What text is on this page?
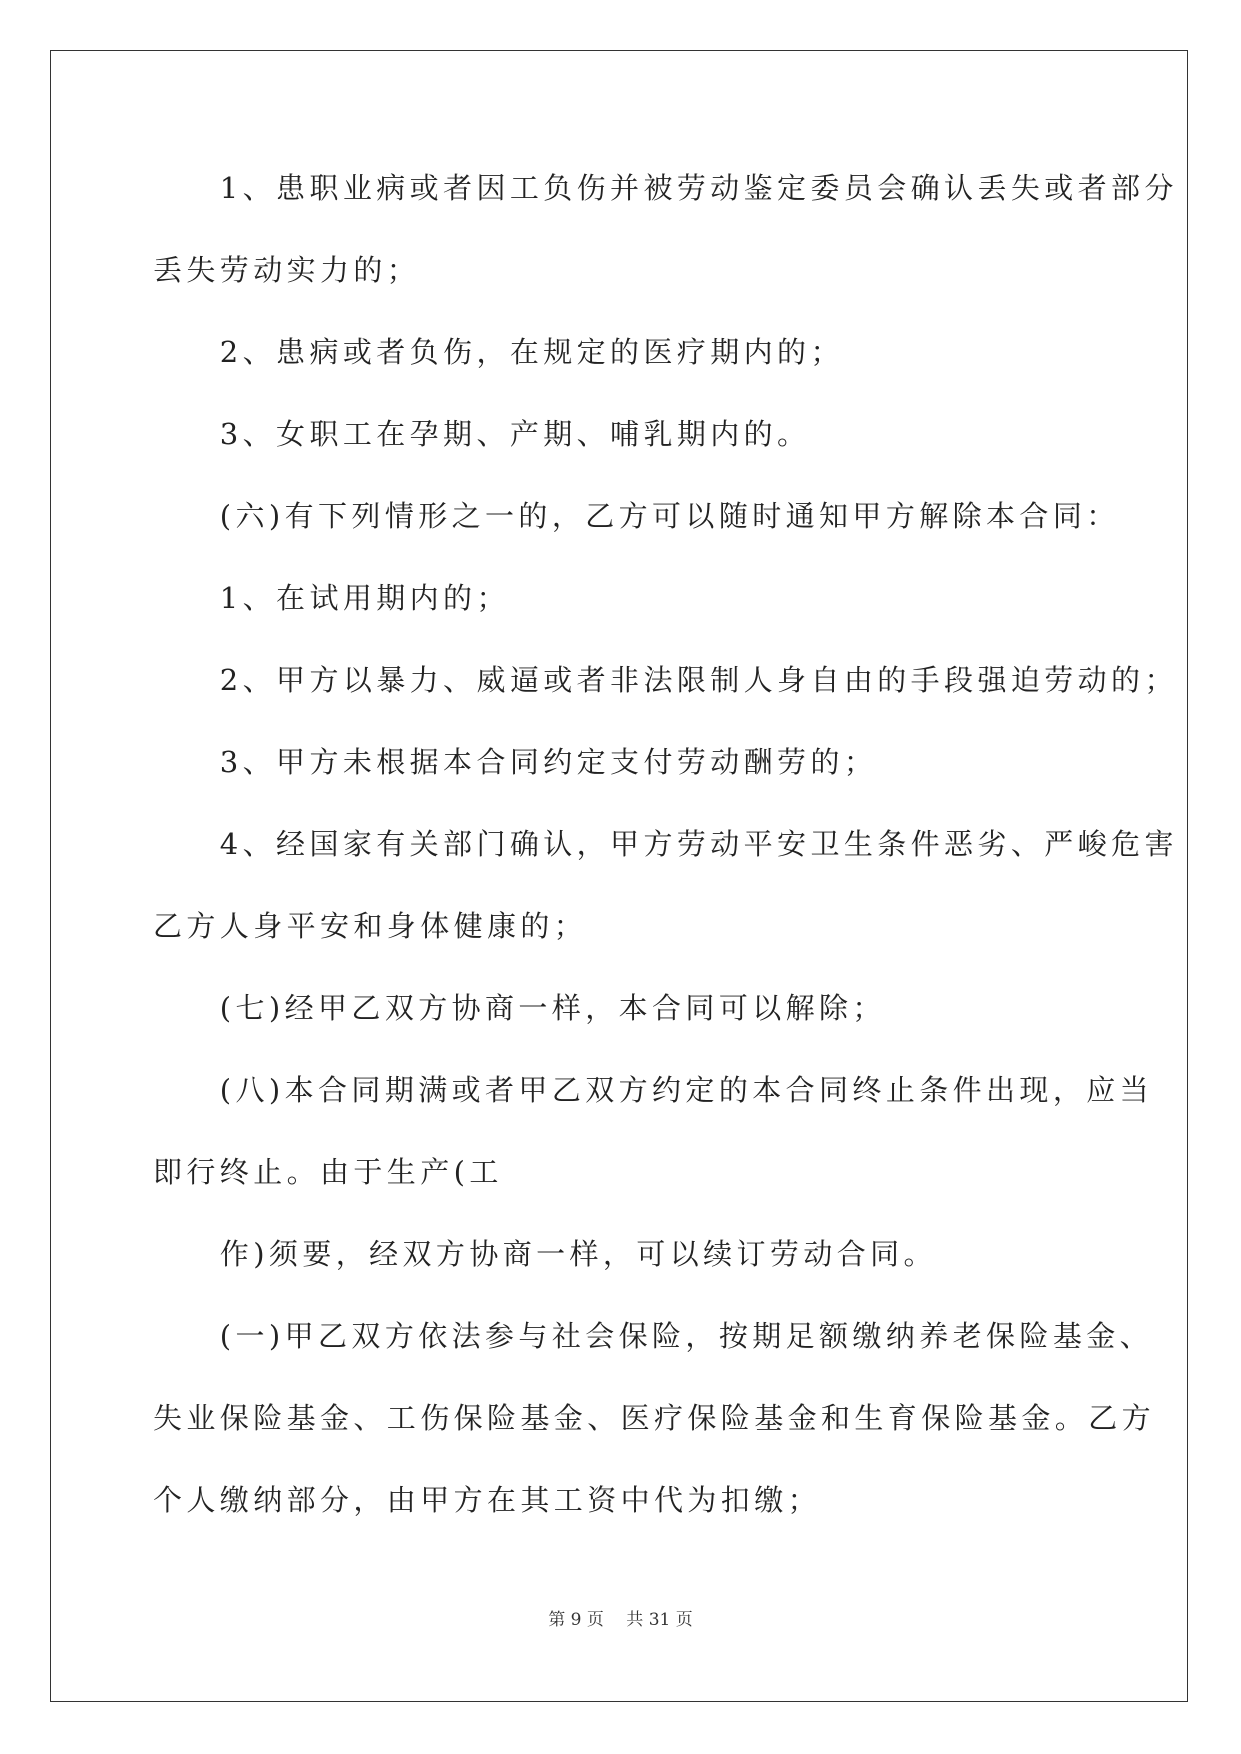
　　1、患职业病或者因工负伤并被劳动鉴定委员会确认丢失或者部分
丢失劳动实力的；
　　2、患病或者负伤，在规定的医疗期内的；
　　3、女职工在孕期、产期、哺乳期内的。
　　(六)有下列情形之一的，乙方可以随时通知甲方解除本合同：
　　1、在试用期内的；
　　2、甲方以暴力、威逼或者非法限制人身自由的手段强迫劳动的；
　　3、甲方未根据本合同约定支付劳动酬劳的；
　　4、经国家有关部门确认，甲方劳动平安卫生条件恶劣、严峻危害
乙方人身平安和身体健康的；
　　(七)经甲乙双方协商一样，本合同可以解除；
　　(八)本合同期满或者甲乙双方约定的本合同终止条件出现，应当
即行终止。由于生产(工
　　作)须要，经双方协商一样，可以续订劳动合同。
　　(一)甲乙双方依法参与社会保险，按期足额缴纳养老保险基金、
失业保险基金、工伤保险基金、医疗保险基金和生育保险基金。乙方
个人缴纳部分，由甲方在其工资中代为扣缴；
第 9 页　 共 31 页
